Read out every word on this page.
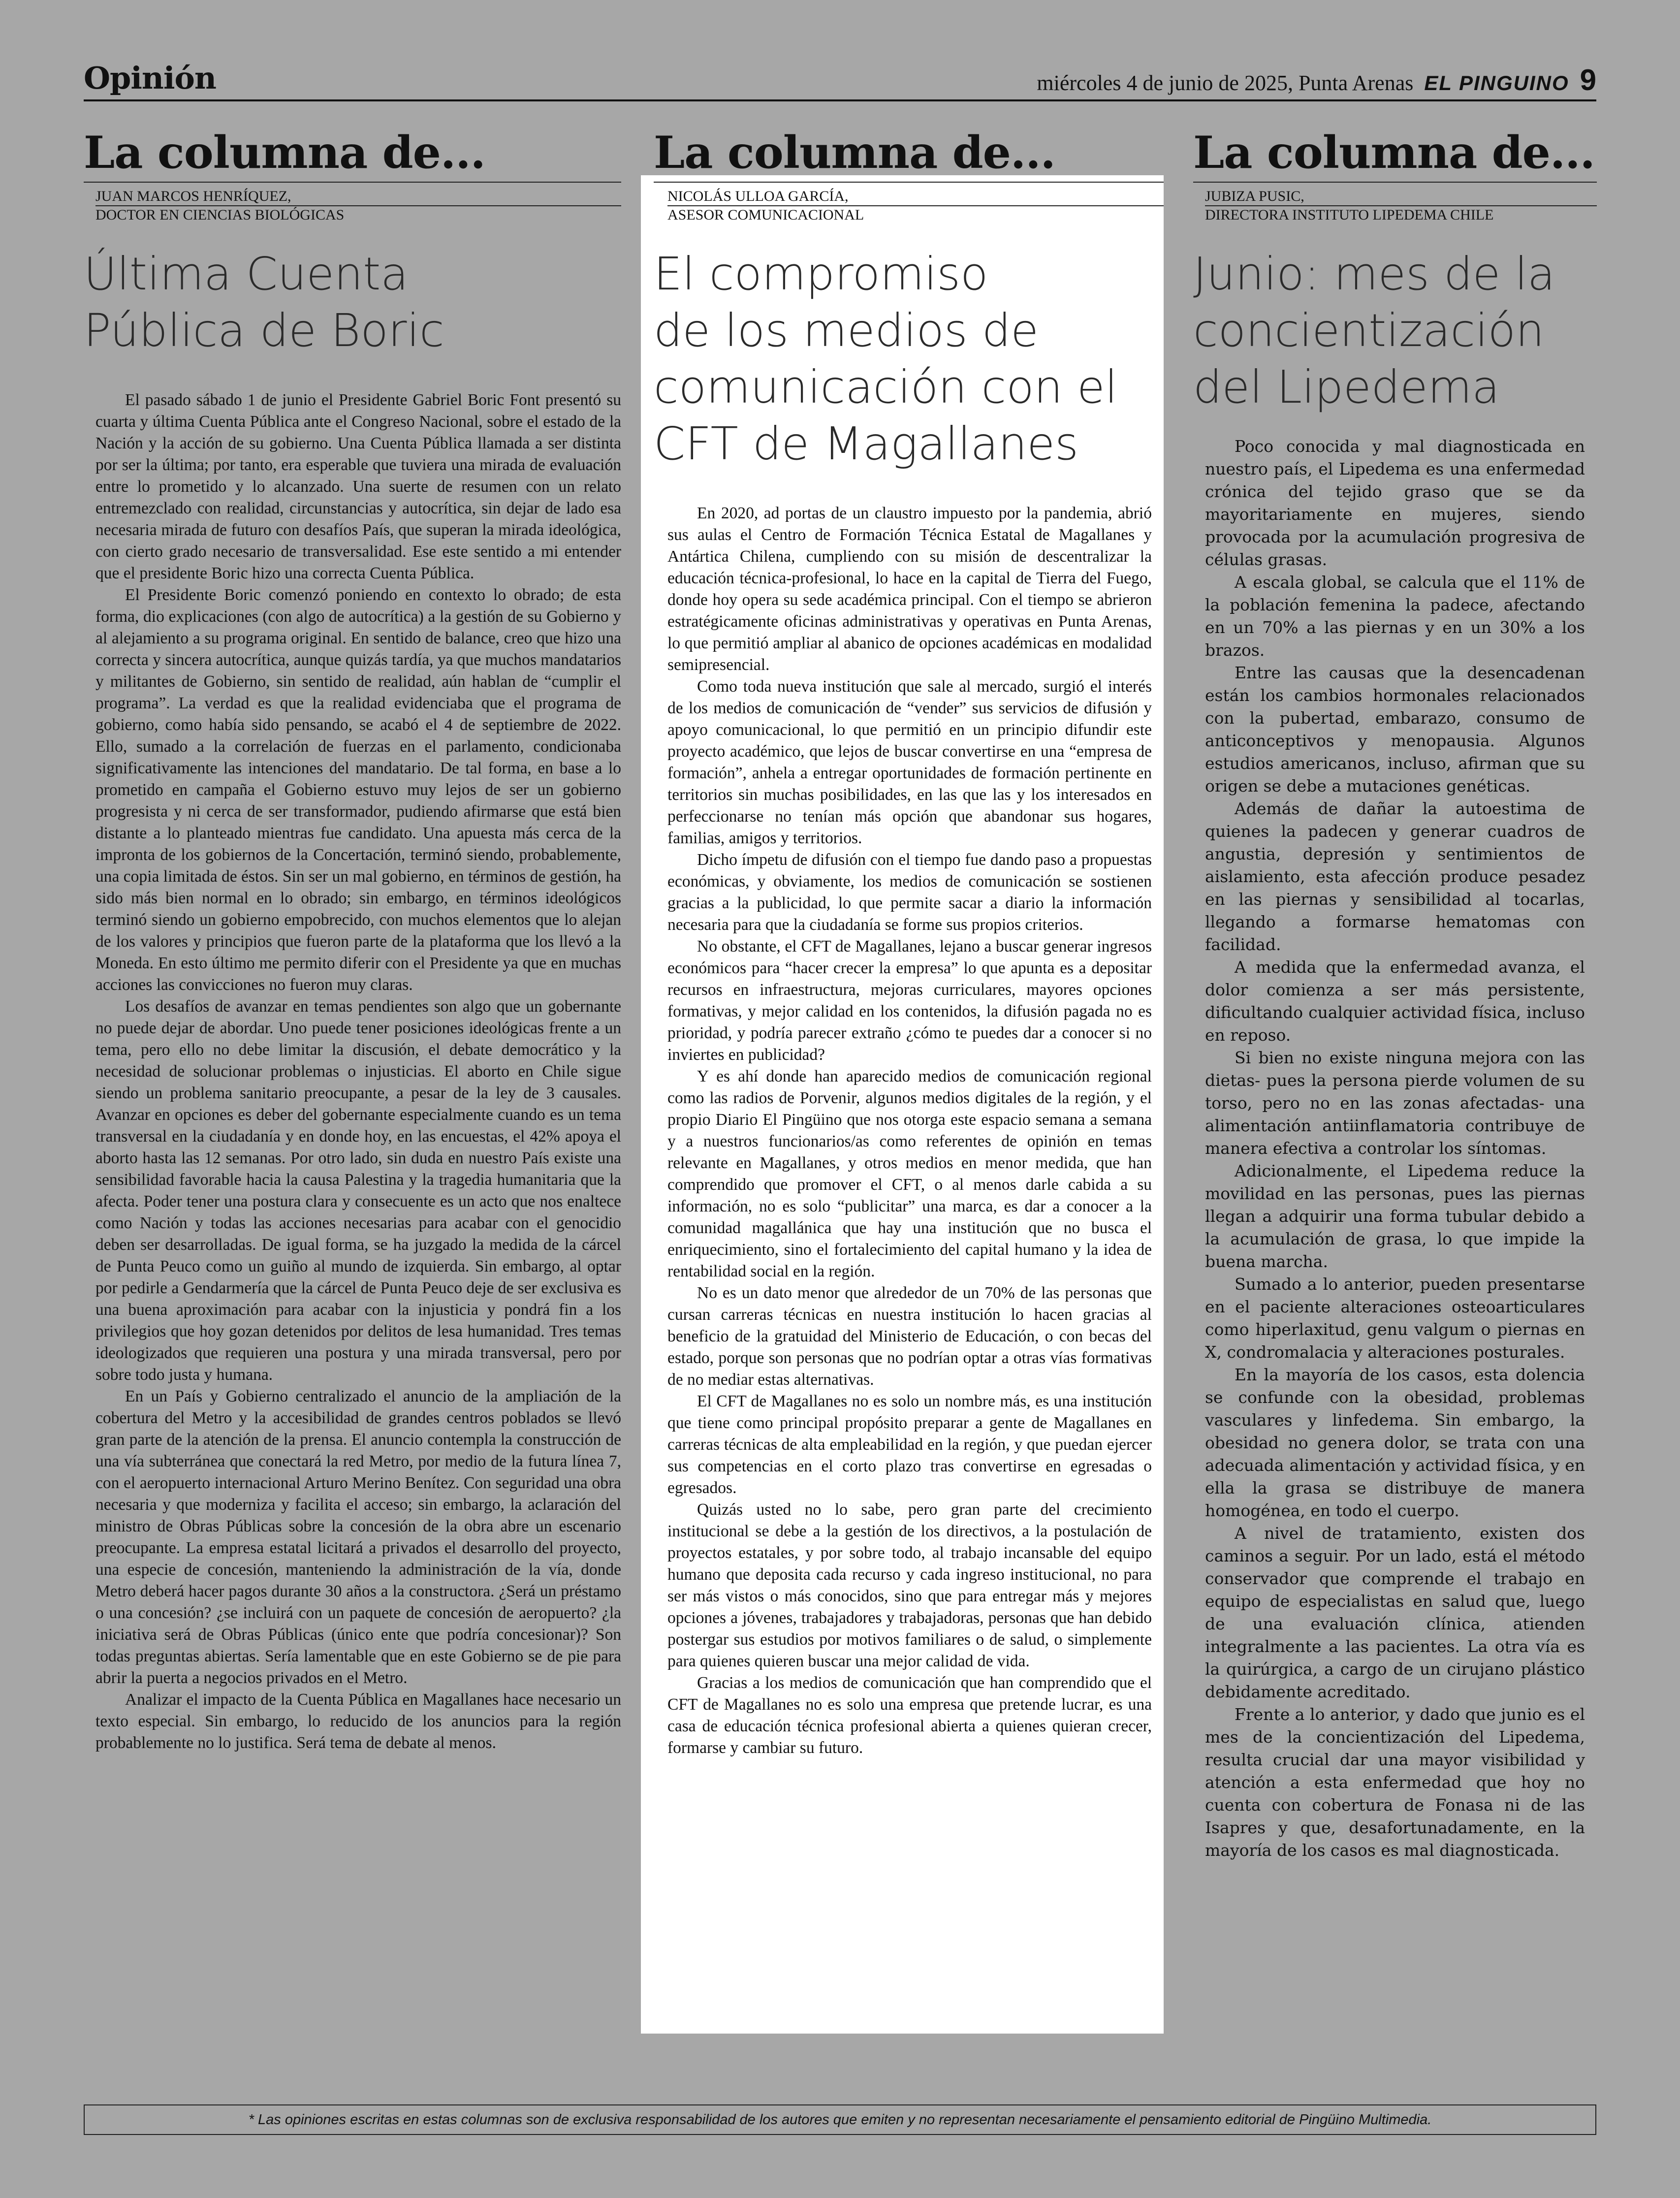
Opinión	miércoles 4 de junio de 2025, Punta Arenas EL PINGUINO 9
La columna de...
JUAN MARCOS HENRÍQUEZ,
DOCTOR EN CIENCIAS BIOLÓGICAS
Última Cuenta
Pública de Boric

El pasado sábado 1 de junio el Presidente Gabriel Boric Font presentó su cuarta y última Cuenta Pública ante el Congreso Nacional, sobre el estado de la Nación y la acción de su gobierno. Una Cuenta Pública llamada a ser distinta por ser la última; por tanto, era esperable que tuviera una mirada de evaluación entre lo prometido y lo alcanzado. Una suerte de resumen con un relato entremezclado con realidad, circunstancias y autocrítica, sin dejar de lado esa necesaria mirada de futuro con desafíos País, que superan la mirada ideológica, con cierto grado necesario de transversalidad. Ese este sentido a mi entender que el presidente Boric hizo una correcta Cuenta Pública.

El Presidente Boric comenzó poniendo en contexto lo obrado; de esta forma, dio explicaciones (con algo de autocrítica) a la gestión de su Gobierno y al alejamiento a su programa original. En sentido de balance, creo que hizo una correcta y sincera autocrítica, aunque quizás tardía, ya que muchos mandatarios y militantes de Gobierno, sin sentido de realidad, aún hablan de “cumplir el programa”. La verdad es que la realidad evidenciaba que el programa de gobierno, como había sido pensando, se acabó el 4 de septiembre de 2022. Ello, sumado a la correlación de fuerzas en el parlamento, condicionaba significativamente las intenciones del mandatario. De tal forma, en base a lo prometido en campaña el Gobierno estuvo muy lejos de ser un gobierno progresista y ni cerca de ser transformador, pudiendo afirmarse que está bien distante a lo planteado mientras fue candidato. Una apuesta más cerca de la impronta de los gobiernos de la Concertación, terminó siendo, probablemente, una copia limitada de éstos. Sin ser un mal gobierno, en términos de gestión, ha sido más bien normal en lo obrado; sin embargo, en términos ideológicos terminó siendo un gobierno empobrecido, con muchos elementos que lo alejan de los valores y principios que fueron parte de la plataforma que los llevó a la Moneda. En esto último me permito diferir con el Presidente ya que en muchas acciones las convicciones no fueron muy claras.

Los desafíos de avanzar en temas pendientes son algo que un gobernante no puede dejar de abordar. Uno puede tener posiciones ideológicas frente a un tema, pero ello no debe limitar la discusión, el debate democrático y la necesidad de solucionar problemas o injusticias. El aborto en Chile sigue siendo un problema sanitario preocupante, a pesar de la ley de 3 causales. Avanzar en opciones es deber del gobernante especialmente cuando es un tema transversal en la ciudadanía y en donde hoy, en las encuestas, el 42% apoya el aborto hasta las 12 semanas. Por otro lado, sin duda en nuestro País existe una sensibilidad favorable hacia la causa Palestina y la tragedia humanitaria que la afecta. Poder tener una postura clara y consecuente es un acto que nos enaltece como Nación y todas las acciones necesarias para acabar con el genocidio deben ser desarrolladas. De igual forma, se ha juzgado la medida de la cárcel de Punta Peuco como un guiño al mundo de izquierda. Sin embargo, al optar por pedirle a Gendarmería que la cárcel de Punta Peuco deje de ser exclusiva es una buena aproximación para acabar con la injusticia y pondrá fin a los privilegios que hoy gozan detenidos por delitos de lesa humanidad. Tres temas ideologizados que requieren una postura y una mirada transversal, pero por sobre todo justa y humana.

En un País y Gobierno centralizado el anuncio de la ampliación de la cobertura del Metro y la accesibilidad de grandes centros poblados se llevó gran parte de la atención de la prensa. El anuncio contempla la construcción de una vía subterránea que conectará la red Metro, por medio de la futura línea 7, con el aeropuerto internacional Arturo Merino Benítez. Con seguridad una obra necesaria y que moderniza y facilita el acceso; sin embargo, la aclaración del ministro de Obras Públicas sobre la concesión de la obra abre un escenario preocupante. La empresa estatal licitará a privados el desarrollo del proyecto, una especie de concesión, manteniendo la administración de la vía, donde Metro deberá hacer pagos durante 30 años a la constructora. ¿Será un préstamo o una concesión? ¿se incluirá con un paquete de concesión de aeropuerto? ¿la iniciativa será de Obras Públicas (único ente que podría concesionar)? Son todas preguntas abiertas. Sería lamentable que en este Gobierno se de pie para abrir la puerta a negocios privados en el Metro.

Analizar el impacto de la Cuenta Pública en Magallanes hace necesario un texto especial. Sin embargo, lo reducido de los anuncios para la región probablemente no lo justifica. Será tema de debate al menos.

La columna de...
NICOLÁS ULLOA GARCÍA,
ASESOR COMUNICACIONAL
El compromiso
de los medios de
comunicación con el
CFT de Magallanes

En 2020, ad portas de un claustro impuesto por la pandemia, abrió sus aulas el Centro de Formación Técnica Estatal de Magallanes y Antártica Chilena, cumpliendo con su misión de descentralizar la educación técnica-profesional, lo hace en la capital de Tierra del Fuego, donde hoy opera su sede académica principal. Con el tiempo se abrieron estratégicamente oficinas administrativas y operativas en Punta Arenas, lo que permitió ampliar al abanico de opciones académicas en modalidad semipresencial.

Como toda nueva institución que sale al mercado, surgió el interés de los medios de comunicación de “vender” sus servicios de difusión y apoyo comunicacional, lo que permitió en un principio difundir este proyecto académico, que lejos de buscar convertirse en una “empresa de formación”, anhela a entregar oportunidades de formación pertinente en territorios sin muchas posibilidades, en las que las y los interesados en perfeccionarse no tenían más opción que abandonar sus hogares, familias, amigos y territorios.

Dicho ímpetu de difusión con el tiempo fue dando paso a propuestas económicas, y obviamente, los medios de comunicación se sostienen gracias a la publicidad, lo que permite sacar a diario la información necesaria para que la ciudadanía se forme sus propios criterios.

No obstante, el CFT de Magallanes, lejano a buscar generar ingresos económicos para “hacer crecer la empresa” lo que apunta es a depositar recursos en infraestructura, mejoras curriculares, mayores opciones formativas, y mejor calidad en los contenidos, la difusión pagada no es prioridad, y podría parecer extraño ¿cómo te puedes dar a conocer si no inviertes en publicidad?

Y es ahí donde han aparecido medios de comunicación regional como las radios de Porvenir, algunos medios digitales de la región, y el propio Diario El Pingüino que nos otorga este espacio semana a semana y a nuestros funcionarios/as como referentes de opinión en temas relevante en Magallanes, y otros medios en menor medida, que han comprendido que promover el CFT, o al menos darle cabida a su información, no es solo “publicitar” una marca, es dar a conocer a la comunidad magallánica que hay una institución que no busca el enriquecimiento, sino el fortalecimiento del capital humano y la idea de rentabilidad social en la región.

No es un dato menor que alrededor de un 70% de las personas que cursan carreras técnicas en nuestra institución lo hacen gracias al beneficio de la gratuidad del Ministerio de Educación, o con becas del estado, porque son personas que no podrían optar a otras vías formativas de no mediar estas alternativas.

El CFT de Magallanes no es solo un nombre más, es una institución que tiene como principal propósito preparar a gente de Magallanes en carreras técnicas de alta empleabilidad en la región, y que puedan ejercer sus competencias en el corto plazo tras convertirse en egresadas o egresados.

Quizás usted no lo sabe, pero gran parte del crecimiento institucional se debe a la gestión de los directivos, a la postulación de proyectos estatales, y por sobre todo, al trabajo incansable del equipo humano que deposita cada recurso y cada ingreso institucional, no para ser más vistos o más conocidos, sino que para entregar más y mejores opciones a jóvenes, trabajadores y trabajadoras, personas que han debido postergar sus estudios por motivos familiares o de salud, o simplemente para quienes quieren buscar una mejor calidad de vida.

Gracias a los medios de comunicación que han comprendido que el CFT de Magallanes no es solo una empresa que pretende lucrar, es una casa de educación técnica profesional abierta a quienes quieran crecer, formarse y cambiar su futuro.

La columna de...
JUBIZA PUSIC,
DIRECTORA INSTITUTO LIPEDEMA CHILE
Junio: mes de la
concientización
del Lipedema

Poco conocida y mal diagnosticada en nuestro país, el Lipedema es una enfermedad crónica del tejido graso que se da mayoritariamente en mujeres, siendo provocada por la acumulación progresiva de células grasas.

A escala global, se calcula que el 11% de la población femenina la padece, afectando en un 70% a las piernas y en un 30% a los brazos.

Entre las causas que la desencadenan están los cambios hormonales relacionados con la pubertad, embarazo, consumo de anticonceptivos y menopausia. Algunos estudios americanos, incluso, afirman que su origen se debe a mutaciones genéticas.

Además de dañar la autoestima de quienes la padecen y generar cuadros de angustia, depresión y sentimientos de aislamiento, esta afección produce pesadez en las piernas y sensibilidad al tocarlas, llegando a formarse hematomas con facilidad.

A medida que la enfermedad avanza, el dolor comienza a ser más persistente, dificultando cualquier actividad física, incluso en reposo.

Si bien no existe ninguna mejora con las dietas- pues la persona pierde volumen de su torso, pero no en las zonas afectadas- una alimentación antiinflamatoria contribuye de manera efectiva a controlar los síntomas.

Adicionalmente, el Lipedema reduce la movilidad en las personas, pues las piernas llegan a adquirir una forma tubular debido a la acumulación de grasa, lo que impide la buena marcha.

Sumado a lo anterior, pueden presentarse en el paciente alteraciones osteoarticulares como hiperlaxitud, genu valgum o piernas en X, condromalacia y alteraciones posturales.

En la mayoría de los casos, esta dolencia se confunde con la obesidad, problemas vasculares y linfedema. Sin embargo, la obesidad no genera dolor, se trata con una adecuada alimentación y actividad física, y en ella la grasa se distribuye de manera homogénea, en todo el cuerpo.

A nivel de tratamiento, existen dos caminos a seguir. Por un lado, está el método conservador que comprende el trabajo en equipo de especialistas en salud que, luego de una evaluación clínica, atienden integralmente a las pacientes. La otra vía es la quirúrgica, a cargo de un cirujano plástico debidamente acreditado.

Frente a lo anterior, y dado que junio es el mes de la concientización del Lipedema, resulta crucial dar una mayor visibilidad y atención a esta enfermedad que hoy no cuenta con cobertura de Fonasa ni de las Isapres y que, desafortunadamente, en la mayoría de los casos es mal diagnosticada.

* Las opiniones escritas en estas columnas son de exclusiva responsabilidad de los autores que emiten y no representan necesariamente el pensamiento editorial de Pingüino Multimedia.
